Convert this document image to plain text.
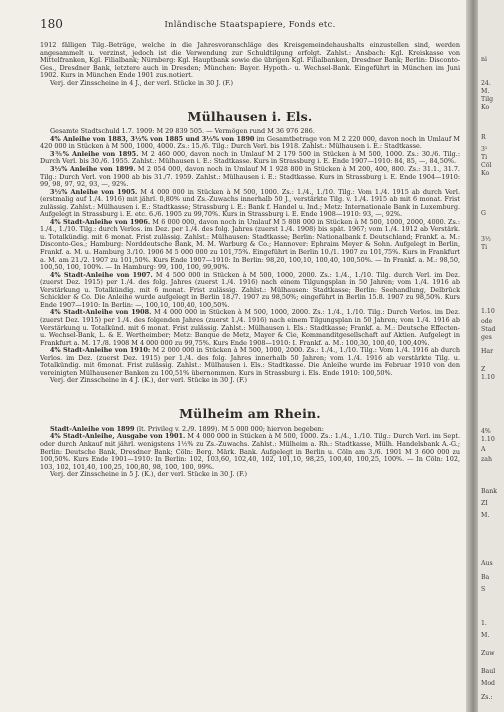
180	Inländische Staatspapiere, Fonds etc.

1912 fälligen Tilg.-Beträge, welche in die Jahresvoranschläge des Kreisgemeindehaushalts einzustellen sind, werden angesammelt u. verzinst, jedoch ist die Verwendung zur Schuldtilgung erfolgt. Zahlst.: Ansbach: Kgl. Kreiskasse von Mittelfranken, Kgl. Filialbank; Nürnberg: Kgl. Hauptbank sowie die übrigen Kgl. Filialbanken, Dresdner Bank; Berlin: Disconto-Ges., Dresdner Bank, letztere auch in Dresden; München: Bayer. Hypoth.- u. Wechsel-Bank. Eingeführt in München im Juni 1902. Kurs in München Ende 1901 zus.notiert.

Verj. der Zinsscheine in 4 J., der verl. Stücke in 30 J. (F.)

Mülhausen i. Els.

Gesamte Stadtschuld 1.7. 1909: M 29 839 505. — Vermögen rund M 36 976 286.

4% Anleihe von 1883, 3½% von 1885 und 3½% von 1890 im Gesamtbetrage von M 2 220 000, davon noch in Umlauf M 420 000 in Stücken à M 500, 1000, 4000. Zs.: 15./6. Tilg.: Durch Verl. bis 1918. Zahlst.: Mülhausen i. E.: Stadtkasse.

3⅗% Anleihe von 1895. M 2 460 000, davon noch in Umlauf M 2 179 500 in Stücken à M 500, 1000. Zs.: 30./6. Tilg.: Durch Verl. bis 30./6. 1955. Zahlst.: Mülhausen i. E.: Stadtkasse. Kurs in Strassburg i. E. Ende 1907—1910: 84, 85, —, 84,50%.

3½% Anleihe von 1899. M 2 054 000, davon noch in Umlauf M 1 928 800 in Stücken à M 200, 400, 800. Zs.: 31.1., 31.7. Tilg.: Durch Verl. von 1900 ab bis 31./7. 1959. Zahlst.: Mülhausen i. E.: Stadtkasse. Kurs in Strassburg i. E. Ende 1904—1910: 99, 98, 97, 92, 93, —, 92%.

3½% Anleihe von 1905. M 4 000 000 in Stücken à M 500, 1000. Zs.: 1./4., 1./10. Tilg.: Vom 1./4. 1915 ab durch Verl. (erstmalig auf 1./4. 1916) mit jährl. 0,80% und Zs.-Zuwachs innerhalb 50 J., verstärkte Tilg. v. 1./4. 1915 ab mit 6 monat. Frist zulässig. Zahlst.: Mülhausen i. E.: Stadtkasse; Strassburg i. E.: Bank f. Handel u. Ind.; Metz: Internationale Bank in Luxemburg. Aufgelegt in Strassburg i. E. etc. 6./6. 1905 zu 99,70%. Kurs in Strassburg i. E. Ende 1908—1910: 93, —, 92%.

4% Stadt-Anleihe von 1906. M 6 000 000, davon noch in Umlauf M 5 808 000 in Stücken à M 500, 1000, 2000, 4000. Zs.: 1./4., 1./10. Tilg.: durch Verlos. im Dez. per 1./4. des folg. Jahres (zuerst 1./4. 1908) bis spät. 1967; vom 1./4. 1912 ab Verstärk. u. Totalkündig. mit 6 monat. Frist zulässig. Zahlst.: Mülhausen: Stadtkasse; Berlin: Nationalbank f. Deutschland; Frankf. a. M.: Disconto-Ges.; Hamburg: Norddeutsche Bank, M. M. Warburg & Co.; Hannover: Ephraim Meyer & Sohn. Aufgelegt in Berlin, Frankf. a. M. u. Hamburg 3./10. 1906 M 5 000 000 zu 101,75%. Eingeführt in Berlin 10./1. 1907 zu 101,75%. Kurs in Frankfurt a. M. am 21./2. 1907 zu 101,50%. Kurs Ende 1907—1910: In Berlin: 98,20, 100,10, 100,40, 100,50%. — In Frankf. a. M.: 98,50, 100,50, 100, 100%. — In Hamburg: 99, 100, 100, 99,90%.

4% Stadt-Anleihe von 1907. M 4 500 000 in Stücken à M 500, 1000, 2000. Zs.: 1./4., 1./10. Tilg. durch Verl. im Dez. (zuerst Dez. 1915) per 1./4. des folg. Jahres (zuerst 1./4. 1916) nach einem Tilgungsplan in 50 Jahren; vom 1./4. 1916 ab Verstärkung u. Totalkündig. mit 6 monat. Frist zulässig. Zahlst.: Mülhausen: Stadtkasse; Berlin: Seehandlung, Delbrück Schickler & Co. Die Anleihe wurde aufgelegt in Berlin 18./7. 1907 zu 98,50%; eingeführt in Berlin 15.8. 1907 zu 98,50%. Kurs Ende 1907—1910: In Berlin: —, 100,10, 100,40, 100,50%.

4% Stadt-Anleihe von 1908. M 4 000 000 in Stücken à M 500, 1000, 2000. Zs.: 1./4., 1./10. Tilg.: Durch Verlos. im Dez. (zuerst Dez. 1915) per 1./4. des folgenden Jahres (zuerst 1./4. 1916) nach einem Tilgungsplan in 50 Jahren; vom 1./4. 1916 ab Verstärkung u. Totalkünd. mit 6 monat. Frist zulässig. Zahlst.: Mülhausen i. Els.: Stadtkasse; Frankf. a. M.: Deutsche Effecten- u. Wechsel-Bank, L. & E. Wertheimber; Metz: Banque de Metz, Mayer & Cie, Kommanditgesellschaft auf Aktien. Aufgelegt in Frankfurt a. M. 17./8. 1908 M 4 000 000 zu 99,75%. Kurs Ende 1908—1910: I. Frankf. a. M.: 100,30, 100,40, 100,40%.

4% Stadt-Anleihe von 1910: M 2 000 000 in Stücken à M 500, 1000, 2000. Zs.: 1./4., 1./10. Tilg.: Vom 1./4. 1916 ab durch Verlos. im Dez. (zuerst Dez. 1915) per 1./4. des folg. Jahres innerhalb 50 Jahren; vom 1./4. 1916 ab verstärkte Tilg. u. Totalkündig. mit 6monat. Frist zulässig. Zahlst.: Mülhausen i. Els.: Stadtkasse. Die Anleihe wurde im Februar 1910 von den vereinigten Mülhausener Banken zu 100,51% übernommen. Kurs in Strassburg i. Els. Ende 1910: 100,50%.

Verj. der Zinsscheine in 4 J. (K.), der verl. Stücke in 30 J. (F.)

Mülheim am Rhein.

Stadt-Anleihe von 1899 (lt. Privileg v. 2./9. 1899). M 5 000 000; hiervon begeben:

4% Stadt-Anleihe, Ausgabe von 1901. M 4 000 000 in Stücken à M 500, 1000. Zs.: 1./4., 1./10. Tilg.: Durch Verl. im Sept. oder durch Ankauf mit jährl. wenigstens 1½% zu Zs.-Zuwachs. Zahlst.: Mülheim a. Rh.: Stadtkasse, Mülh. Handelsbank A.-G.; Berlin: Deutsche Bank, Dresdner Bank; Cöln: Berg. Märk. Bank. Aufgelegt in Berlin u. Cöln am 3./6. 1901 M 3 600 000 zu 100,50%. Kurs Ende 1901—1910: In Berlin: 102, 103,60, 102,40, 102, 101,10, 98,25, 100,40, 100,25, 100%. — In Cöln: 102, 103, 102, 101,40, 100,25, 100,80, 98, 100, 100, 99%.

Verj. der Zinsscheine in 5 J. (K.), der verl. Stücke in 30 J. (F.)

ni
24.
M.
Tilg
Ko
R
3¹
Ti
Cöl
Ko
G
3½
Ti
1.10
ode
Stad
ges
Har
Z
1.10
4%
1.10
A
zah
Bank
ZI
M.
Aus
Ba
S
1.
M.
Zuw
Baul
Mod
Zs.:
